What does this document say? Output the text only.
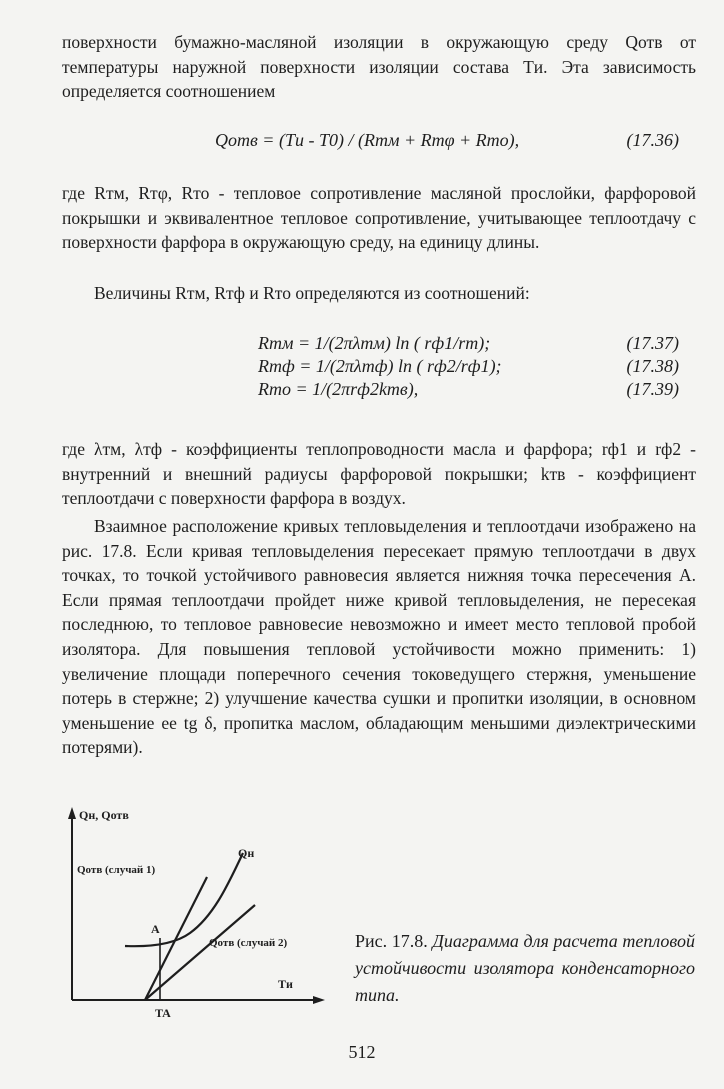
поверхности бумажно-масляной изоляции в окружающую среду Qотв от температуры наружной поверхности изоляции состава Tи. Эта зависимость определяется соотношением

Qотв = (Tи - T0) / (Rтм + Rтφ + Rто),	(17.36)

где Rтм, Rтφ, Rто - тепловое сопротивление масляной прослойки, фарфоровой покрышки и эквивалентное тепловое сопротивление, учитывающее теплоотдачу с поверхности фарфора в окружающую среду, на единицу длины.

Величины Rтм, Rтф и Rто определяются из соотношений:

Rтм = 1/(2πλтм) ln ( rф1/rm);	(17.37)
Rтф = 1/(2πλтф) ln ( rф2/rф1);	(17.38)
Rто = 1/(2πrф2kтв),	(17.39)

где λтм, λтф - коэффициенты теплопроводности масла и фарфора; rф1 и rф2 - внутренний и внешний радиусы фарфоровой покрышки; kтв - коэффициент теплоотдачи с поверхности фарфора в воздух.

Взаимное расположение кривых тепловыделения и теплоотдачи изображено на рис. 17.8. Если кривая тепловыделения пересекает прямую теплоотдачи в двух точках, то точкой устойчивого равновесия является нижняя точка пересечения А. Если прямая теплоотдачи пройдет ниже кривой тепловыделения, не пересекая последнюю, то тепловое равновесие невозможно и имеет место тепловой пробой изолятора. Для повышения тепловой устойчивости можно применить: 1) увеличение площади поперечного сечения токоведущего стержня, уменьшение потерь в стержне; 2) улучшение качества сушки и пропитки изоляции, в основном уменьшение ее tg δ, пропитка маслом, обладающим меньшими диэлектрическими потерями).

Qн, Qотв
Qн
Qотв (случай 1)
A
Qотв (случай 2)
Tи
TA
Рис. 17.8. Диаграмма для расчета тепловой устойчивости изолятора конденсаторного типа.
512
